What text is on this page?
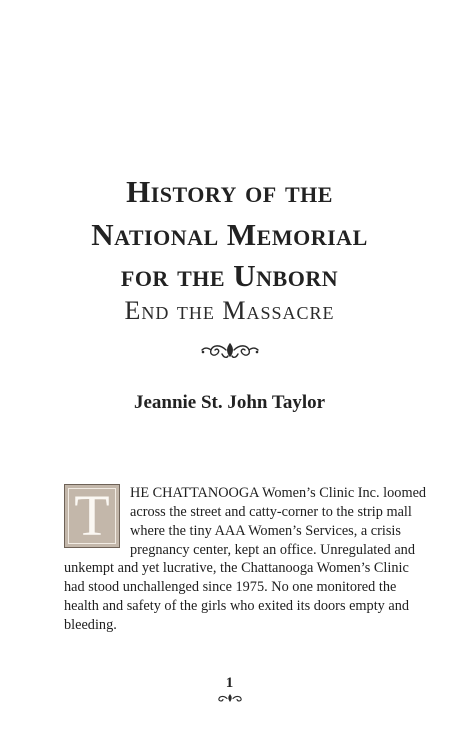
History of the
National Memorial
for the Unborn
End the Massacre
Jeannie St. John Taylor
T	HE CHATTANOOGA Women’s Clinic Inc. loomed
across the street and catty-corner to the strip mall
where the tiny AAA Women’s Services, a crisis
pregnancy center, kept an office. Unregulated and
unkempt and yet lucrative, the Chattanooga Women’s Clinic
had stood unchallenged since 1975. No one monitored the
health and safety of the girls who exited its doors empty and
bleeding.
1
